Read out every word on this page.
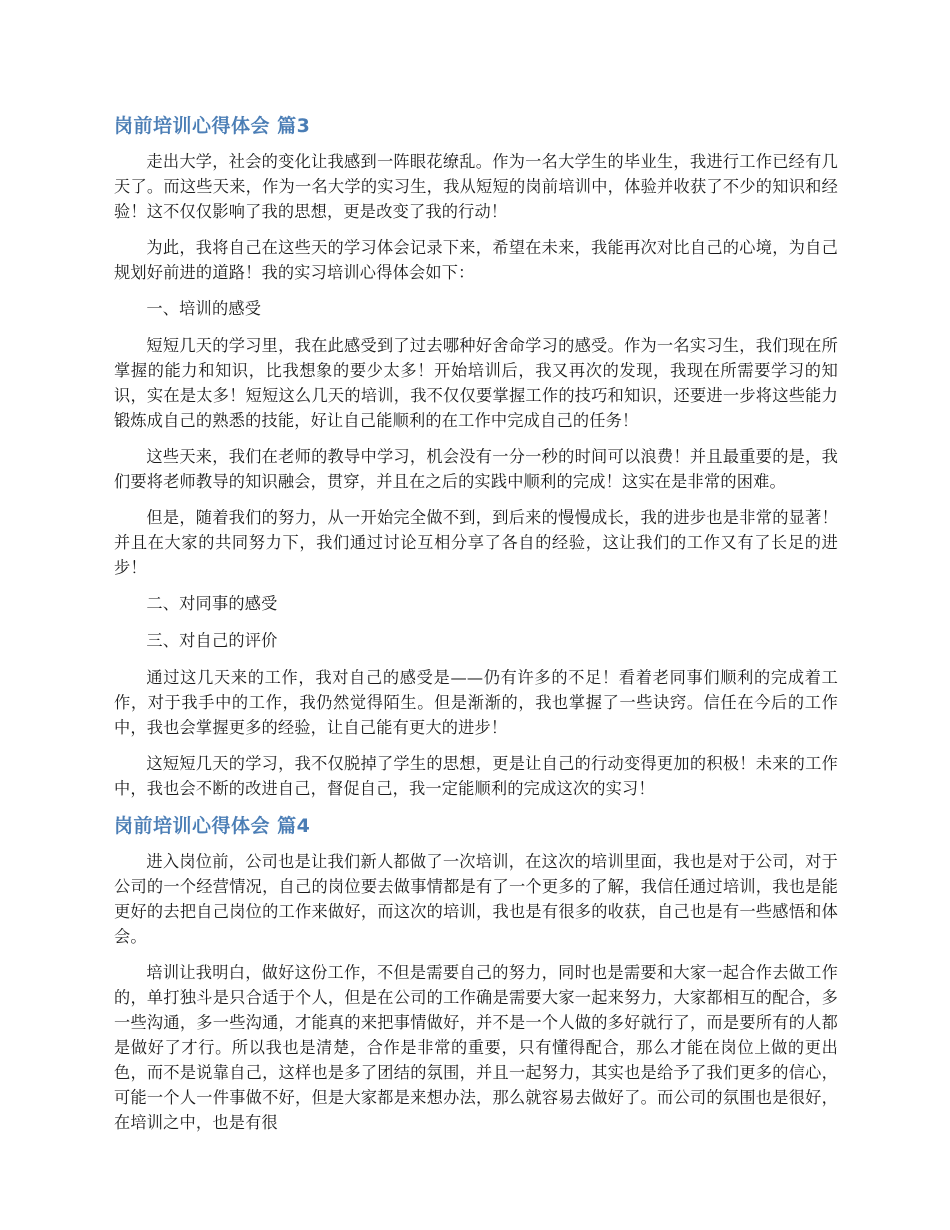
岗前培训心得体会 篇3

走出大学，社会的变化让我感到一阵眼花缭乱。作为一名大学生的毕业生，我进行工作已经有几天了。而这些天来，作为一名大学的实习生，我从短短的岗前培训中，体验并收获了不少的知识和经验！这不仅仅影响了我的思想，更是改变了我的行动！

为此，我将自己在这些天的学习体会记录下来，希望在未来，我能再次对比自己的心境，为自己规划好前进的道路！我的实习培训心得体会如下：

一、培训的感受

短短几天的学习里，我在此感受到了过去哪种好舍命学习的感受。作为一名实习生，我们现在所掌握的能力和知识，比我想象的要少太多！开始培训后，我又再次的发现，我现在所需要学习的知识，实在是太多！短短这么几天的培训，我不仅仅要掌握工作的技巧和知识，还要进一步将这些能力锻炼成自己的熟悉的技能，好让自己能顺利的在工作中完成自己的任务！

这些天来，我们在老师的教导中学习，机会没有一分一秒的时间可以浪费！并且最重要的是，我们要将老师教导的知识融会，贯穿，并且在之后的实践中顺利的完成！这实在是非常的困难。

但是，随着我们的努力，从一开始完全做不到，到后来的慢慢成长，我的进步也是非常的显著！并且在大家的共同努力下，我们通过讨论互相分享了各自的经验，这让我们的工作又有了长足的进步！

二、对同事的感受

三、对自己的评价

通过这几天来的工作，我对自己的感受是——仍有许多的不足！看着老同事们顺利的完成着工作，对于我手中的工作，我仍然觉得陌生。但是渐渐的，我也掌握了一些诀窍。信任在今后的工作中，我也会掌握更多的经验，让自己能有更大的进步！

这短短几天的学习，我不仅脱掉了学生的思想，更是让自己的行动变得更加的积极！未来的工作中，我也会不断的改进自己，督促自己，我一定能顺利的完成这次的实习！

岗前培训心得体会 篇4

进入岗位前，公司也是让我们新人都做了一次培训，在这次的培训里面，我也是对于公司，对于公司的一个经营情况，自己的岗位要去做事情都是有了一个更多的了解，我信任通过培训，我也是能更好的去把自己岗位的工作来做好，而这次的培训，我也是有很多的收获，自己也是有一些感悟和体会。

培训让我明白，做好这份工作，不但是需要自己的努力，同时也是需要和大家一起合作去做工作的，单打独斗是只合适于个人，但是在公司的工作确是需要大家一起来努力，大家都相互的配合，多一些沟通，多一些沟通，才能真的来把事情做好，并不是一个人做的多好就行了，而是要所有的人都是做好了才行。所以我也是清楚，合作是非常的重要，只有懂得配合，那么才能在岗位上做的更出色，而不是说靠自己，这样也是多了团结的氛围，并且一起努力，其实也是给予了我们更多的信心，可能一个人一件事做不好，但是大家都是来想办法，那么就容易去做好了。而公司的氛围也是很好，在培训之中，也是有很
